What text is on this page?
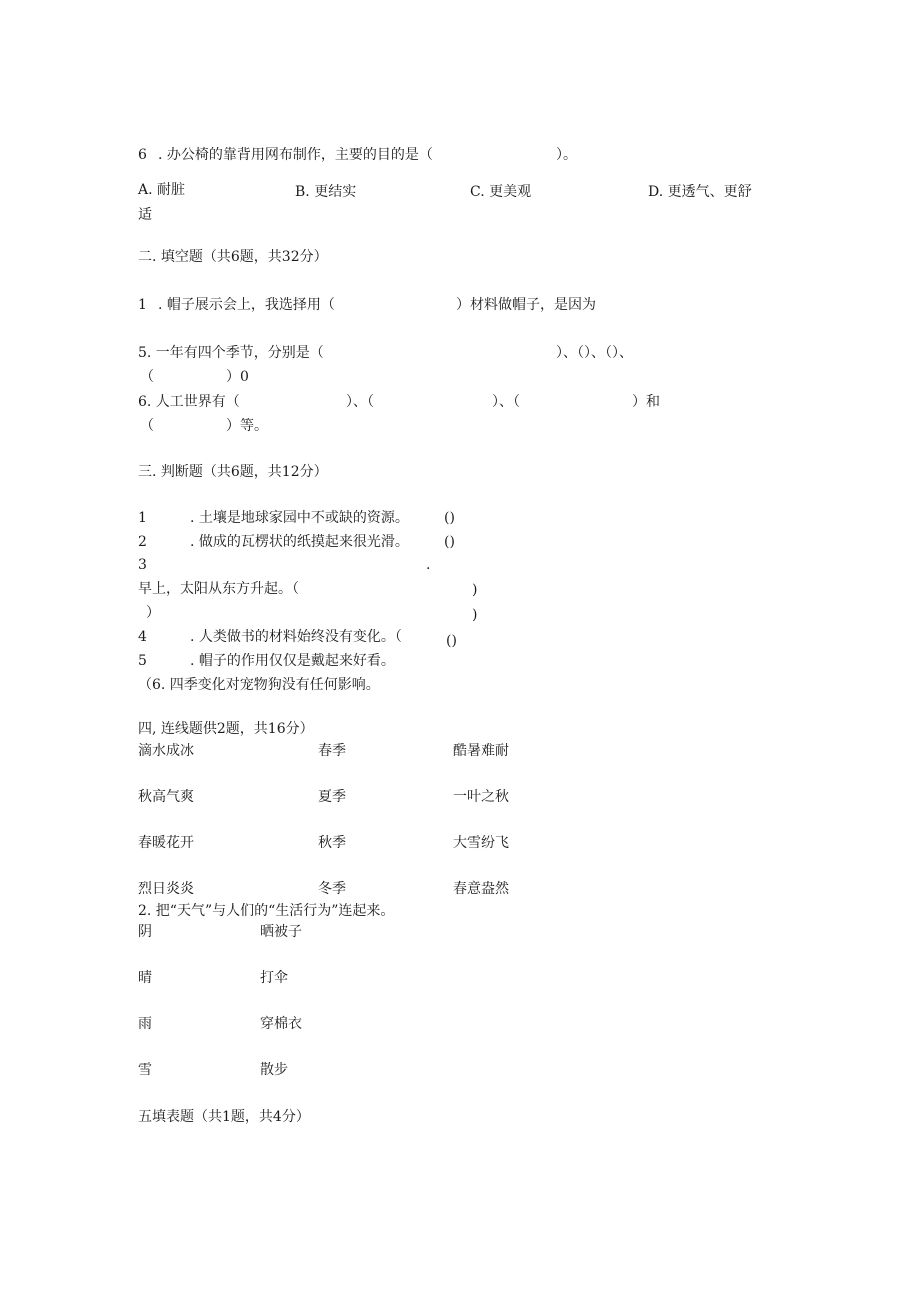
6 . 办公椅的靠背用网布制作，主要的目的是（	）。
A. 耐脏	B. 更结实	C. 更美观	D. 更透气、更舒
适
二. 填空题（共6题，共32分）
1 . 帽子展示会上，我选择用（	）材料做帽子，是因为
5. 一年有四个季节，分别是（	）、（）、（）、
（	）0
6. 人工世界有（	）、（	）、（	）和
（	）等。
三. 判断题（共6题，共12分）
1	. 土壤是地球家园中不或缺的资源。	()
2	. 做成的瓦楞状的纸摸起来很光滑。	()
3	.
早上，太阳从东方升起。（	)
）	)
4	. 人类做书的材料始终没有变化。（	()
5	. 帽子的作用仅仅是戴起来好看。
（6. 四季变化对宠物狗没有任何影响。
四, 连线题供2题，共16分）
滴水成冰	春季	酷暑难耐
秋高气爽	夏季	一叶之秋
春暖花开	秋季	大雪纷飞
烈日炎炎	冬季	春意盎然
2. 把“天气”与人们的“生活行为”连起来。
阴	晒被子
晴	打伞
雨	穿棉衣
雪	散步
五填表题（共1题，共4分）
